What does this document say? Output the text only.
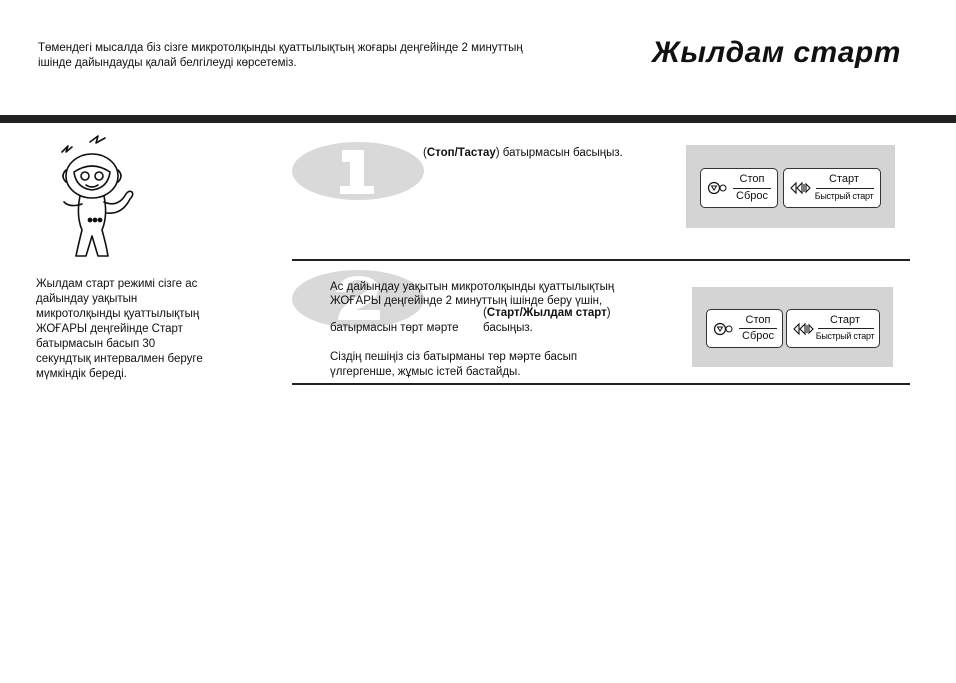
Төмендегі мысалда біз сізге микротолқынды қуаттылықтың жоғары деңгейінде 2 минуттың
ішінде дайындауды қалай белгілеуді көрсетеміз.	Жылдам старт
Жылдам старт режимі сізге ас
дайындау уақытын
микротолқынды қуаттылықтың
ЖОҒАРЫ деңгейінде Старт
батырмасын басып 30
секундтық интервалмен беруге
мүмкіндік береді.
(Стоп/Тастау) батырмасын басыңыз.
Стоп
Сброс
Старт
Быстрый старт
Ас дайындау уақытын микротолқынды қуаттылықтың
ЖОҒАРЫ деңгейінде 2 минуттың ішінде беру үшін,
(Старт/Жылдам старт)
батырмасын төрт мәрте басыңыз.
Сіздің пешіңіз сіз батырманы төр мәрте басып
үлгергенше, жұмыс істей бастайды.
Стоп
Сброс
Старт
Быстрый старт
